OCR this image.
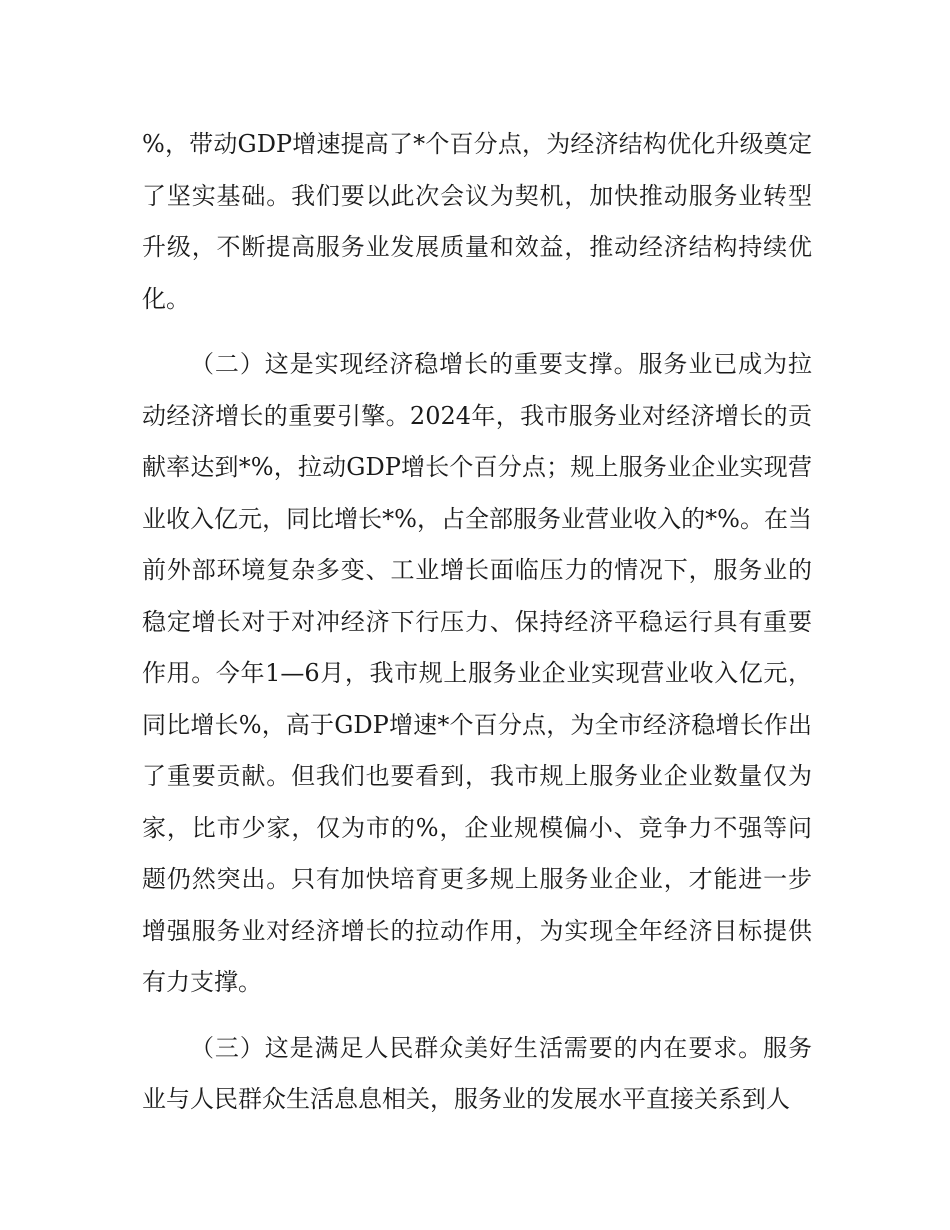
%，带动GDP增速提高了*个百分点，为经济结构优化升级奠定了坚实基础。我们要以此次会议为契机，加快推动服务业转型升级，不断提高服务业发展质量和效益，推动经济结构持续优化。

（二）这是实现经济稳增长的重要支撑。服务业已成为拉动经济增长的重要引擎。2024年，我市服务业对经济增长的贡献率达到*%，拉动GDP增长个百分点；规上服务业企业实现营业收入亿元，同比增长*%，占全部服务业营业收入的*%。在当前外部环境复杂多变、工业增长面临压力的情况下，服务业的稳定增长对于对冲经济下行压力、保持经济平稳运行具有重要作用。今年1—6月，我市规上服务业企业实现营业收入亿元，同比增长%，高于GDP增速*个百分点，为全市经济稳增长作出了重要贡献。但我们也要看到，我市规上服务业企业数量仅为家，比市少家，仅为市的%，企业规模偏小、竞争力不强等问题仍然突出。只有加快培育更多规上服务业企业，才能进一步增强服务业对经济增长的拉动作用，为实现全年经济目标提供有力支撑。

（三）这是满足人民群众美好生活需要的内在要求。服务业与人民群众生活息息相关，服务业的发展水平直接关系到人
